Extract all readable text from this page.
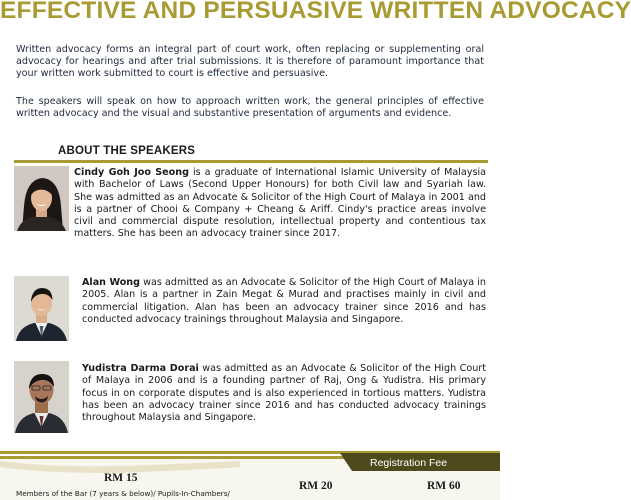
EFFECTIVE AND PERSUASIVE WRITTEN ADVOCACY

Written advocacy forms an integral part of court work, often replacing or supplementing oral advocacy for hearings and after trial submissions. It is therefore of paramount importance that your written work submitted to court is effective and persuasive.

The speakers will speak on how to approach written work, the general principles of effective written advocacy and the visual and substantive presentation of arguments and evidence.

ABOUT THE SPEAKERS

Cindy Goh Joo Seong is a graduate of International Islamic University of Malaysia with Bachelor of Laws (Second Upper Honours) for both Civil law and Syariah law. She was admitted as an Advocate & Solicitor of the High Court of Malaya in 2001 and is a partner of Chooi & Company + Cheang & Ariff. Cindy's practice areas involve civil and commercial dispute resolution, intellectual property and contentious tax matters. She has been an advocacy trainer since 2017.

Alan Wong was admitted as an Advocate & Solicitor of the High Court of Malaya in 2005. Alan is a partner in Zain Megat & Murad and practises mainly in civil and commercial litigation. Alan has been an advocacy trainer since 2016 and has conducted advocacy trainings throughout Malaysia and Singapore.

Yudistra Darma Dorai was admitted as an Advocate & Solicitor of the High Court of Malaya in 2006 and is a founding partner of Raj, Ong & Yudistra. His primary focus in on corporate disputes and is also experienced in tortious matters. Yudistra has been an advocacy trainer since 2016 and has conducted advocacy trainings throughout Malaysia and Singapore.

Registration Fee
RM 15
Members of the Bar (7 years & below)/ Pupils-In-Chambers/
RM 20	RM 60
